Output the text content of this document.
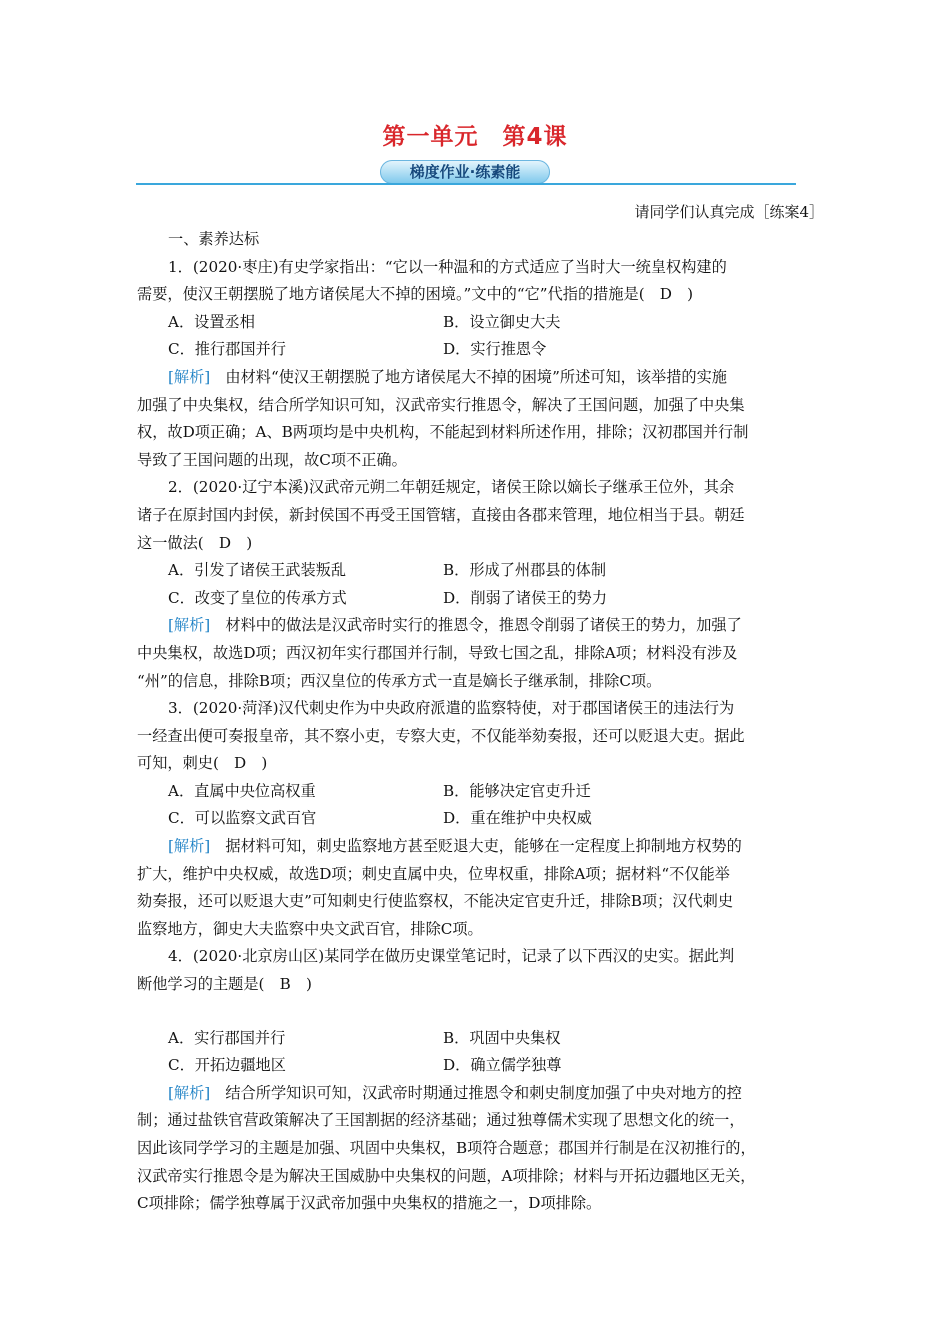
第一单元　第4课
梯度作业·练素能
请同学们认真完成［练案4］
一、素养达标
1．(2020·枣庄)有史学家指出：“它以一种温和的方式适应了当时大一统皇权构建的
需要，使汉王朝摆脱了地方诸侯尾大不掉的困境。”文中的“它”代指的措施是(　D　)
A．设置丞相	B．设立御史大夫
C．推行郡国并行	D．实行推恩令
[解析]　由材料“使汉王朝摆脱了地方诸侯尾大不掉的困境”所述可知，该举措的实施
加强了中央集权，结合所学知识可知，汉武帝实行推恩令，解决了王国问题，加强了中央集
权，故D项正确；A、B两项均是中央机构，不能起到材料所述作用，排除；汉初郡国并行制
导致了王国问题的出现，故C项不正确。
2．(2020·辽宁本溪)汉武帝元朔二年朝廷规定，诸侯王除以嫡长子继承王位外，其余
诸子在原封国内封侯，新封侯国不再受王国管辖，直接由各郡来管理，地位相当于县。朝廷
这一做法(　D　)
A．引发了诸侯王武装叛乱	B．形成了州郡县的体制
C．改变了皇位的传承方式	D．削弱了诸侯王的势力
[解析]　材料中的做法是汉武帝时实行的推恩令，推恩令削弱了诸侯王的势力，加强了
中央集权，故选D项；西汉初年实行郡国并行制，导致七国之乱，排除A项；材料没有涉及
“州”的信息，排除B项；西汉皇位的传承方式一直是嫡长子继承制，排除C项。
3．(2020·菏泽)汉代刺史作为中央政府派遣的监察特使，对于郡国诸侯王的违法行为
一经查出便可奏报皇帝，其不察小吏，专察大吏，不仅能举劾奏报，还可以贬退大吏。据此
可知，刺史(　D　)
A．直属中央位高权重	B．能够决定官吏升迁
C．可以监察文武百官	D．重在维护中央权威
[解析]　据材料可知，刺史监察地方甚至贬退大吏，能够在一定程度上抑制地方权势的
扩大，维护中央权威，故选D项；刺史直属中央，位卑权重，排除A项；据材料“不仅能举
劾奏报，还可以贬退大吏”可知刺史行使监察权，不能决定官吏升迁，排除B项；汉代刺史
监察地方，御史大夫监察中央文武百官，排除C项。
4．(2020·北京房山区)某同学在做历史课堂笔记时，记录了以下西汉的史实。据此判
断他学习的主题是(　B　)
A．实行郡国并行	B．巩固中央集权
C．开拓边疆地区	D．确立儒学独尊
[解析]　结合所学知识可知，汉武帝时期通过推恩令和刺史制度加强了中央对地方的控
制；通过盐铁官营政策解决了王国割据的经济基础；通过独尊儒术实现了思想文化的统一，
因此该同学学习的主题是加强、巩固中央集权，B项符合题意；郡国并行制是在汉初推行的，
汉武帝实行推恩令是为解决王国威胁中央集权的问题，A项排除；材料与开拓边疆地区无关，
C项排除；儒学独尊属于汉武帝加强中央集权的措施之一，D项排除。
